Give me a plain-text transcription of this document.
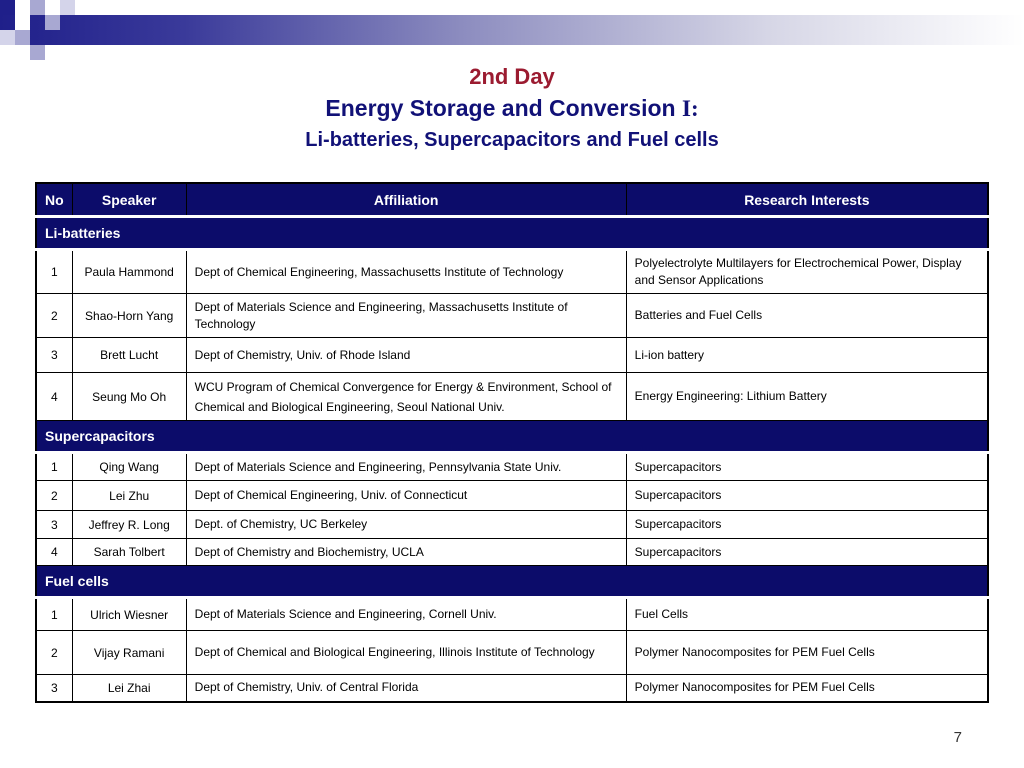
2nd Day
Energy Storage and Conversion I:
Li-batteries, Supercapacitors and Fuel cells
No	Speaker	Affiliation	Research Interests
Li-batteries			
1	Paula Hammond	Dept of Chemical Engineering, Massachusetts Institute of Technology	Polyelectrolyte Multilayers for Electrochemical Power, Display and Sensor Applications
2	Shao-Horn Yang	Dept of Materials Science and Engineering, Massachusetts Institute of Technology	Batteries and Fuel Cells
3	Brett Lucht	Dept of Chemistry, Univ. of Rhode Island	Li-ion battery
4	Seung Mo Oh	WCU Program of Chemical Convergence for Energy & Environment, School of Chemical and Biological Engineering, Seoul National Univ.	Energy Engineering: Lithium Battery
Supercapacitors			
1	Qing Wang	Dept of Materials Science and Engineering, Pennsylvania State Univ.	Supercapacitors
2	Lei Zhu	Dept of Chemical Engineering, Univ. of Connecticut	Supercapacitors
3	Jeffrey R. Long	Dept. of Chemistry, UC Berkeley	Supercapacitors
4	Sarah Tolbert	Dept of Chemistry and Biochemistry, UCLA	Supercapacitors
Fuel cells			
1	Ulrich Wiesner	Dept of Materials Science and Engineering, Cornell Univ.	Fuel Cells
2	Vijay Ramani	Dept of Chemical and Biological Engineering, Illinois Institute of Technology	Polymer Nanocomposites for PEM Fuel Cells
3	Lei Zhai	Dept of Chemistry, Univ. of Central Florida	Polymer Nanocomposites for PEM Fuel Cells
7
